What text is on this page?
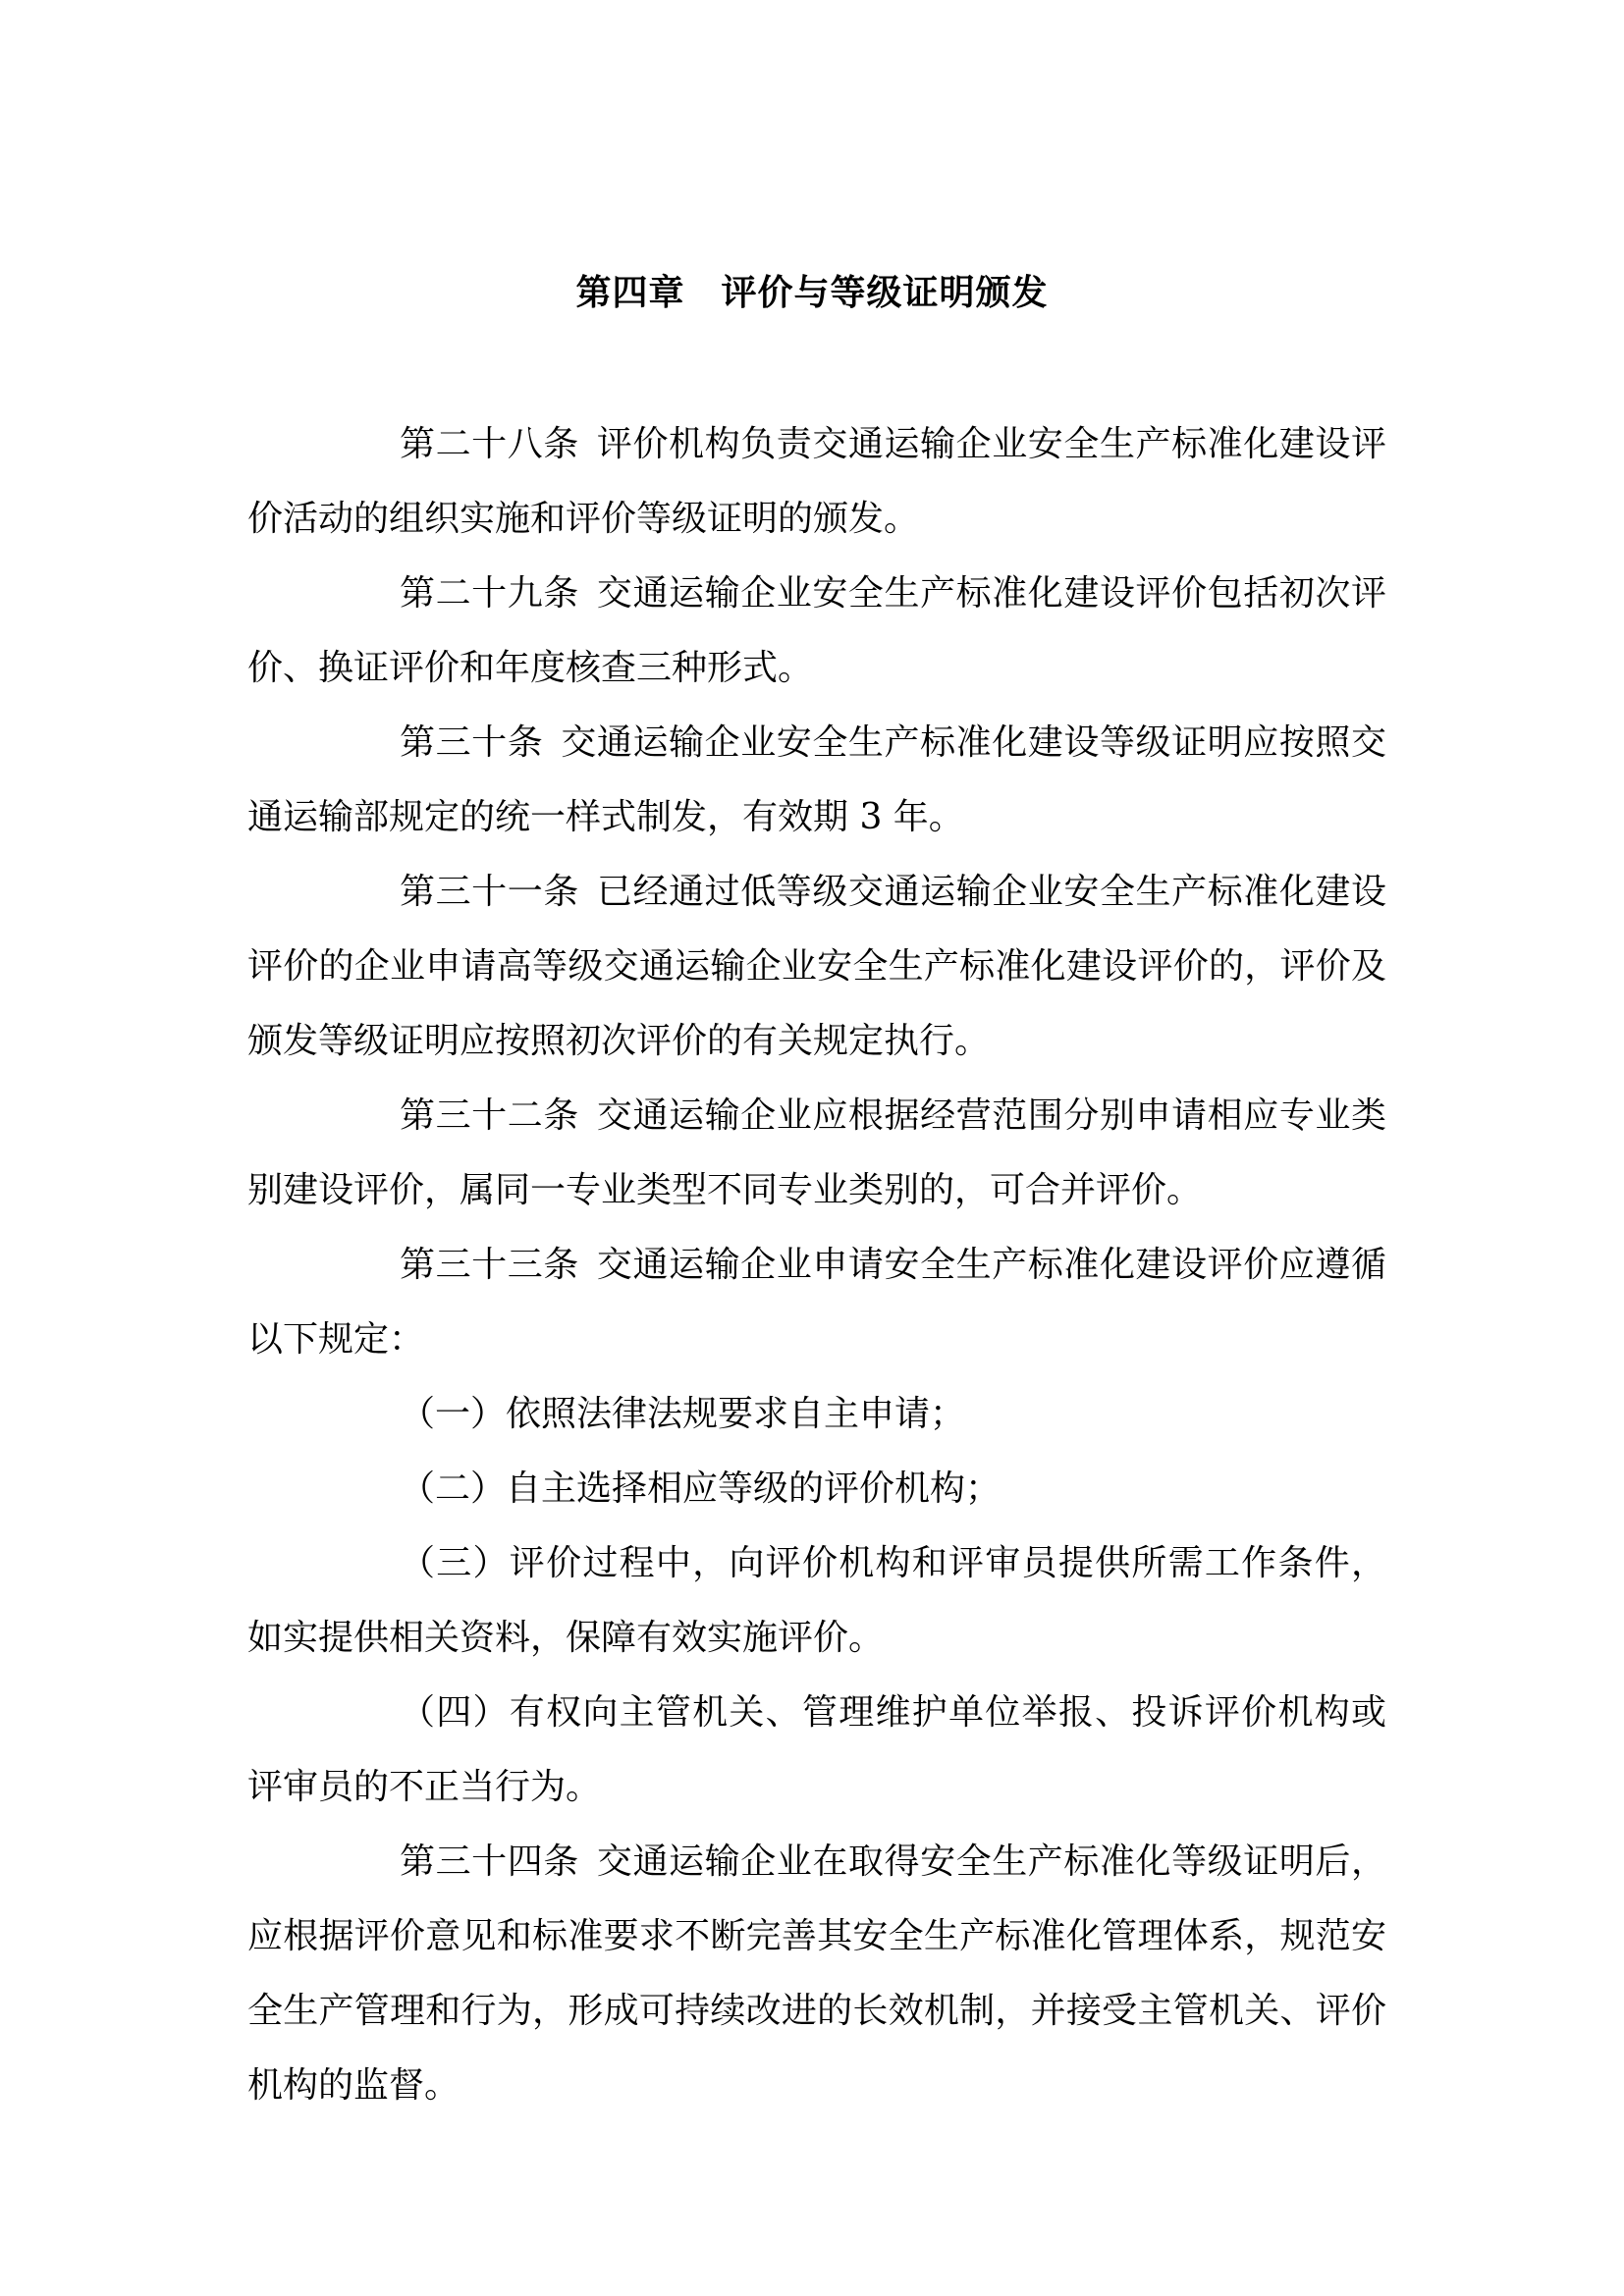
第四章　评价与等级证明颁发

第二十八条 评价机构负责交通运输企业安全生产标准化建设评价活动的组织实施和评价等级证明的颁发。

第二十九条 交通运输企业安全生产标准化建设评价包括初次评价、换证评价和年度核查三种形式。

第三十条 交通运输企业安全生产标准化建设等级证明应按照交通运输部规定的统一样式制发，有效期 3 年。

第三十一条 已经通过低等级交通运输企业安全生产标准化建设评价的企业申请高等级交通运输企业安全生产标准化建设评价的，评价及颁发等级证明应按照初次评价的有关规定执行。

第三十二条 交通运输企业应根据经营范围分别申请相应专业类别建设评价，属同一专业类型不同专业类别的，可合并评价。

第三十三条 交通运输企业申请安全生产标准化建设评价应遵循以下规定：

（一）依照法律法规要求自主申请；

（二）自主选择相应等级的评价机构；

（三）评价过程中，向评价机构和评审员提供所需工作条件，如实提供相关资料，保障有效实施评价。

（四）有权向主管机关、管理维护单位举报、投诉评价机构或评审员的不正当行为。

第三十四条 交通运输企业在取得安全生产标准化等级证明后，应根据评价意见和标准要求不断完善其安全生产标准化管理体系，规范安全生产管理和行为，形成可持续改进的长效机制，并接受主管机关、评价机构的监督。
